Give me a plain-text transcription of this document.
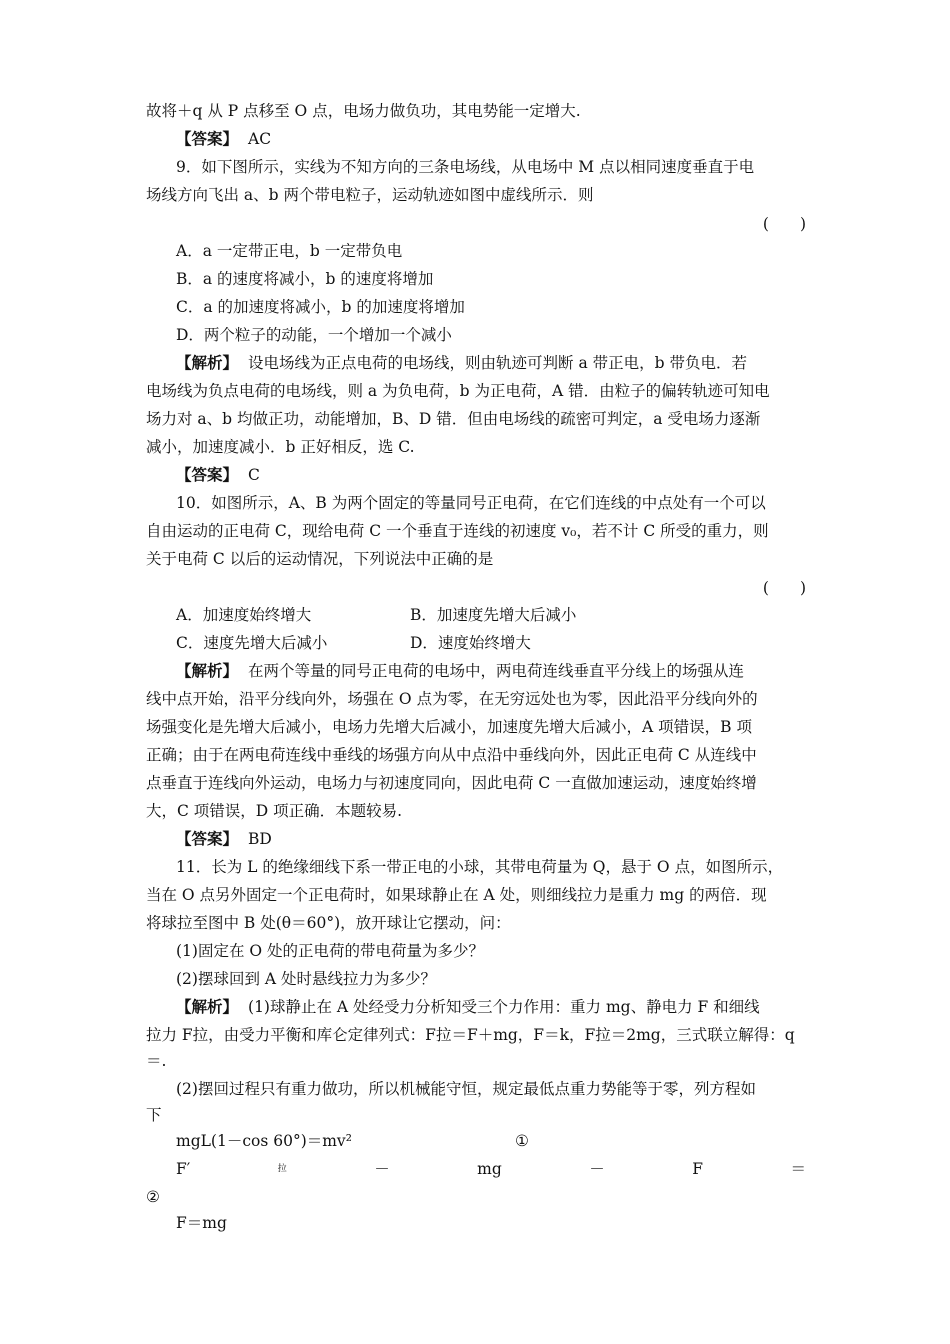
故将＋q 从 P 点移至 O 点，电场力做负功，其电势能一定增大.
【答案】 AC
9．如下图所示，实线为不知方向的三条电场线，从电场中 M 点以相同速度垂直于电
场线方向飞出 a、b 两个带电粒子，运动轨迹如图中虚线所示．则
(　　)
A．a 一定带正电，b 一定带负电
B．a 的速度将减小，b 的速度将增加
C．a 的加速度将减小，b 的加速度将增加
D．两个粒子的动能，一个增加一个减小
【解析】 设电场线为正点电荷的电场线，则由轨迹可判断 a 带正电，b 带负电．若
电场线为负点电荷的电场线，则 a 为负电荷，b 为正电荷，A 错．由粒子的偏转轨迹可知电
场力对 a、b 均做正功，动能增加，B、D 错．但由电场线的疏密可判定，a 受电场力逐渐
减小，加速度减小．b 正好相反，选 C.
【答案】 C
10．如图所示，A、B 为两个固定的等量同号正电荷，在它们连线的中点处有一个可以
自由运动的正电荷 C，现给电荷 C 一个垂直于连线的初速度 v₀，若不计 C 所受的重力，则
关于电荷 C 以后的运动情况，下列说法中正确的是
(　　)
A．加速度始终增大	B．加速度先增大后减小
C．速度先增大后减小	D．速度始终增大
【解析】 在两个等量的同号正电荷的电场中，两电荷连线垂直平分线上的场强从连
线中点开始，沿平分线向外，场强在 O 点为零，在无穷远处也为零，因此沿平分线向外的
场强变化是先增大后减小，电场力先增大后减小，加速度先增大后减小，A 项错误，B 项
正确；由于在两电荷连线中垂线的场强方向从中点沿中垂线向外，因此正电荷 C 从连线中
点垂直于连线向外运动，电场力与初速度同向，因此电荷 C 一直做加速运动，速度始终增
大，C 项错误，D 项正确．本题较易.
【答案】 BD
11．长为 L 的绝缘细线下系一带正电的小球，其带电荷量为 Q，悬于 O 点，如图所示，
当在 O 点另外固定一个正电荷时，如果球静止在 A 处，则细线拉力是重力 mg 的两倍．现
将球拉至图中 B 处(θ＝60°)，放开球让它摆动，问：
(1)固定在 O 处的正电荷的带电荷量为多少？
(2)摆球回到 A 处时悬线拉力为多少？
【解析】 (1)球静止在 A 处经受力分析知受三个力作用：重力 mg、静电力 F 和细线
拉力 F拉，由受力平衡和库仑定律列式：F拉＝F＋mg，F＝k，F拉＝2mg，三式联立解得：q
＝.
(2)摆回过程只有重力做功，所以机械能守恒，规定最低点重力势能等于零，列方程如
下
mgL(1－cos 60°)＝mv²	①
F′	拉	－	mg	－	F	＝
②
F＝mg
